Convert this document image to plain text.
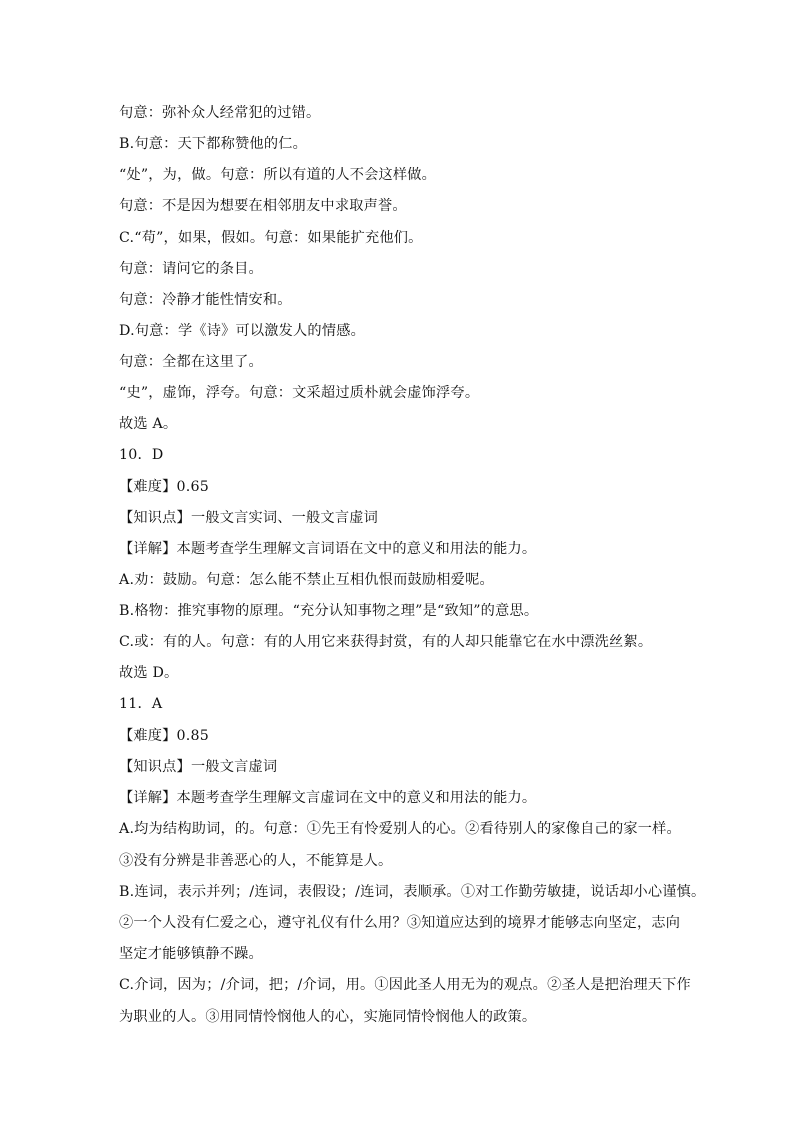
句意：弥补众人经常犯的过错。
B.句意：天下都称赞他的仁。
“处”，为，做。句意：所以有道的人不会这样做。
句意：不是因为想要在相邻朋友中求取声誉。
C.“苟”，如果，假如。句意：如果能扩充他们。
句意：请问它的条目。
句意：冷静才能性情安和。
D.句意：学《诗》可以激发人的情感。
句意：全都在这里了。
“史”，虚饰，浮夸。句意：文采超过质朴就会虚饰浮夸。
故选 A。
10．D
【难度】0.65
【知识点】一般文言实词、一般文言虚词
【详解】本题考查学生理解文言词语在文中的意义和用法的能力。
A.劝：鼓励。句意：怎么能不禁止互相仇恨而鼓励相爱呢。
B.格物：推究事物的原理。“充分认知事物之理”是“致知”的意思。
C.或：有的人。句意：有的人用它来获得封赏，有的人却只能靠它在水中漂洗丝絮。
故选 D。
11．A
【难度】0.85
【知识点】一般文言虚词
【详解】本题考查学生理解文言虚词在文中的意义和用法的能力。
A.均为结构助词，的。句意：①先王有怜爱别人的心。②看待别人的家像自己的家一样。
③没有分辨是非善恶心的人，不能算是人。
B.连词，表示并列；/连词，表假设；/连词，表顺承。①对工作勤劳敏捷，说话却小心谨慎。
②一个人没有仁爱之心，遵守礼仪有什么用？③知道应达到的境界才能够志向坚定，志向
坚定才能够镇静不躁。
C.介词，因为；/介词，把；/介词，用。①因此圣人用无为的观点。②圣人是把治理天下作
为职业的人。③用同情怜悯他人的心，实施同情怜悯他人的政策。
